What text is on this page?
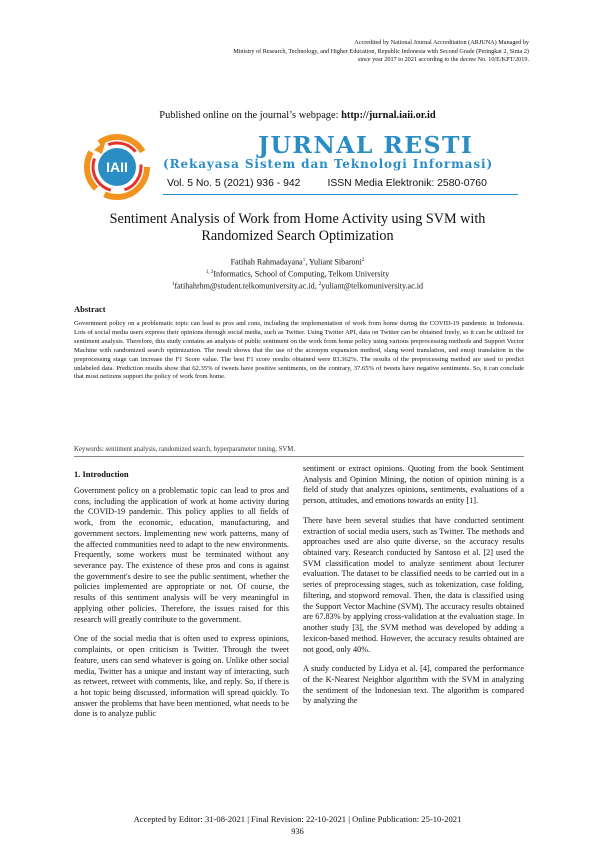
Accredited by National Journal Accreditation (ARJUNA) Managed by
Ministry of Research, Technology, and Higher Education, Republic Indonesia with Second Grade (Peringkat 2, Sinta 2)
since year 2017 to 2021 according to the decree No. 10/E/KPT/2019.
Published online on the journal’s webpage: http://jurnal.iaii.or.id
IAII
JURNAL RESTI
(Rekayasa Sistem dan Teknologi Informasi)
Vol. 5 No. 5 (2021) 936 - 942	ISSN Media Elektronik: 2580-0760
Sentiment Analysis of Work from Home Activity using SVM with
Randomized Search Optimization
Fatihah Rahmadayana$^1$, Yuliant Sibaroni$^2$
$^{1, 2}$Informatics, School of Computing, Telkom University
$^1$fatihahrhm@student.telkomuniversity.ac.id, $^2$yuliant@telkomuniversity.ac.id
Abstract
Government policy on a problematic topic can lead to pros and cons, including the implementation of work from home during the COVID-19 pandemic in Indonesia. Lots of social media users express their opinions through social media, such as Twitter. Using Twitter API, data on Twitter can be obtained freely, so it can be utilized for sentiment analysis. Therefore, this study contains an analysis of public sentiment on the work from home policy using various preprocessing methods and Support Vector Machine with randomized search optimization. The result shows that the use of the acronym expansion method, slang word translation, and emoji translation in the preprocessing stage can increase the F1 Score value. The best F1 score results obtained were 83.362%. The results of the preprocessing method are used to predict unlabeled data. Prediction results show that 62.35% of tweets have positive sentiments, on the contrary, 37.65% of tweets have negative sentiments. So, it can conclude that most netizens support the policy of work from home.
Keywords: sentiment analysis, randomized search, hyperparameter tuning, SVM.
1. Introduction

Government policy on a problematic topic can lead to pros and cons, including the application of work at home activity during the COVID-19 pandemic. This policy applies to all fields of work, from the economic, education, manufacturing, and government sectors. Implementing new work patterns, many of the affected communities need to adapt to the new environments. Frequently, some workers must be terminated without any severance pay. The existence of these pros and cons is against the government's desire to see the public sentiment, whether the policies implemented are appropriate or not. Of course, the results of this sentiment analysis will be very meaningful in applying other policies. Therefore, the issues raised for this research will greatly contribute to the government.

One of the social media that is often used to express opinions, complaints, or open criticism is Twitter. Through the tweet feature, users can send whatever is going on. Unlike other social media, Twitter has a unique and instant way of interacting, such as retweet, retweet with comments, like, and reply. So, if there is a hot topic being discussed, information will spread quickly. To answer the problems that have been mentioned, what needs to be done is to analyze public

sentiment or extract opinions. Quoting from the book Sentiment Analysis and Opinion Mining, the notion of opinion mining is a field of study that analyzes opinions, sentiments, evaluations of a person, attitudes, and emotions towards an entity [1].

There have been several studies that have conducted sentiment extraction of social media users, such as Twitter. The methods and approaches used are also quite diverse, so the accuracy results obtained vary. Research conducted by Santoso et al. [2] used the SVM classification model to analyze sentiment about lecturer evaluation. The dataset to be classified needs to be carried out in a series of preprocessing stages, such as tokenization, case folding, filtering, and stopword removal. Then, the data is classified using the Support Vector Machine (SVM). The accuracy results obtained are 67.83% by applying cross-validation at the evaluation stage. In another study [3], the SVM method was developed by adding a lexicon-based method. However, the accuracy results obtained are not good, only 40%.

A study conducted by Lidya et al. [4], compared the performance of the K-Nearest Neighbor algorithm with the SVM in analyzing the sentiment of the Indonesian text. The algorithm is compared by analyzing the

Accepted by Editor: 31-08-2021 | Final Revision: 22-10-2021 | Online Publication: 25-10-2021
936
